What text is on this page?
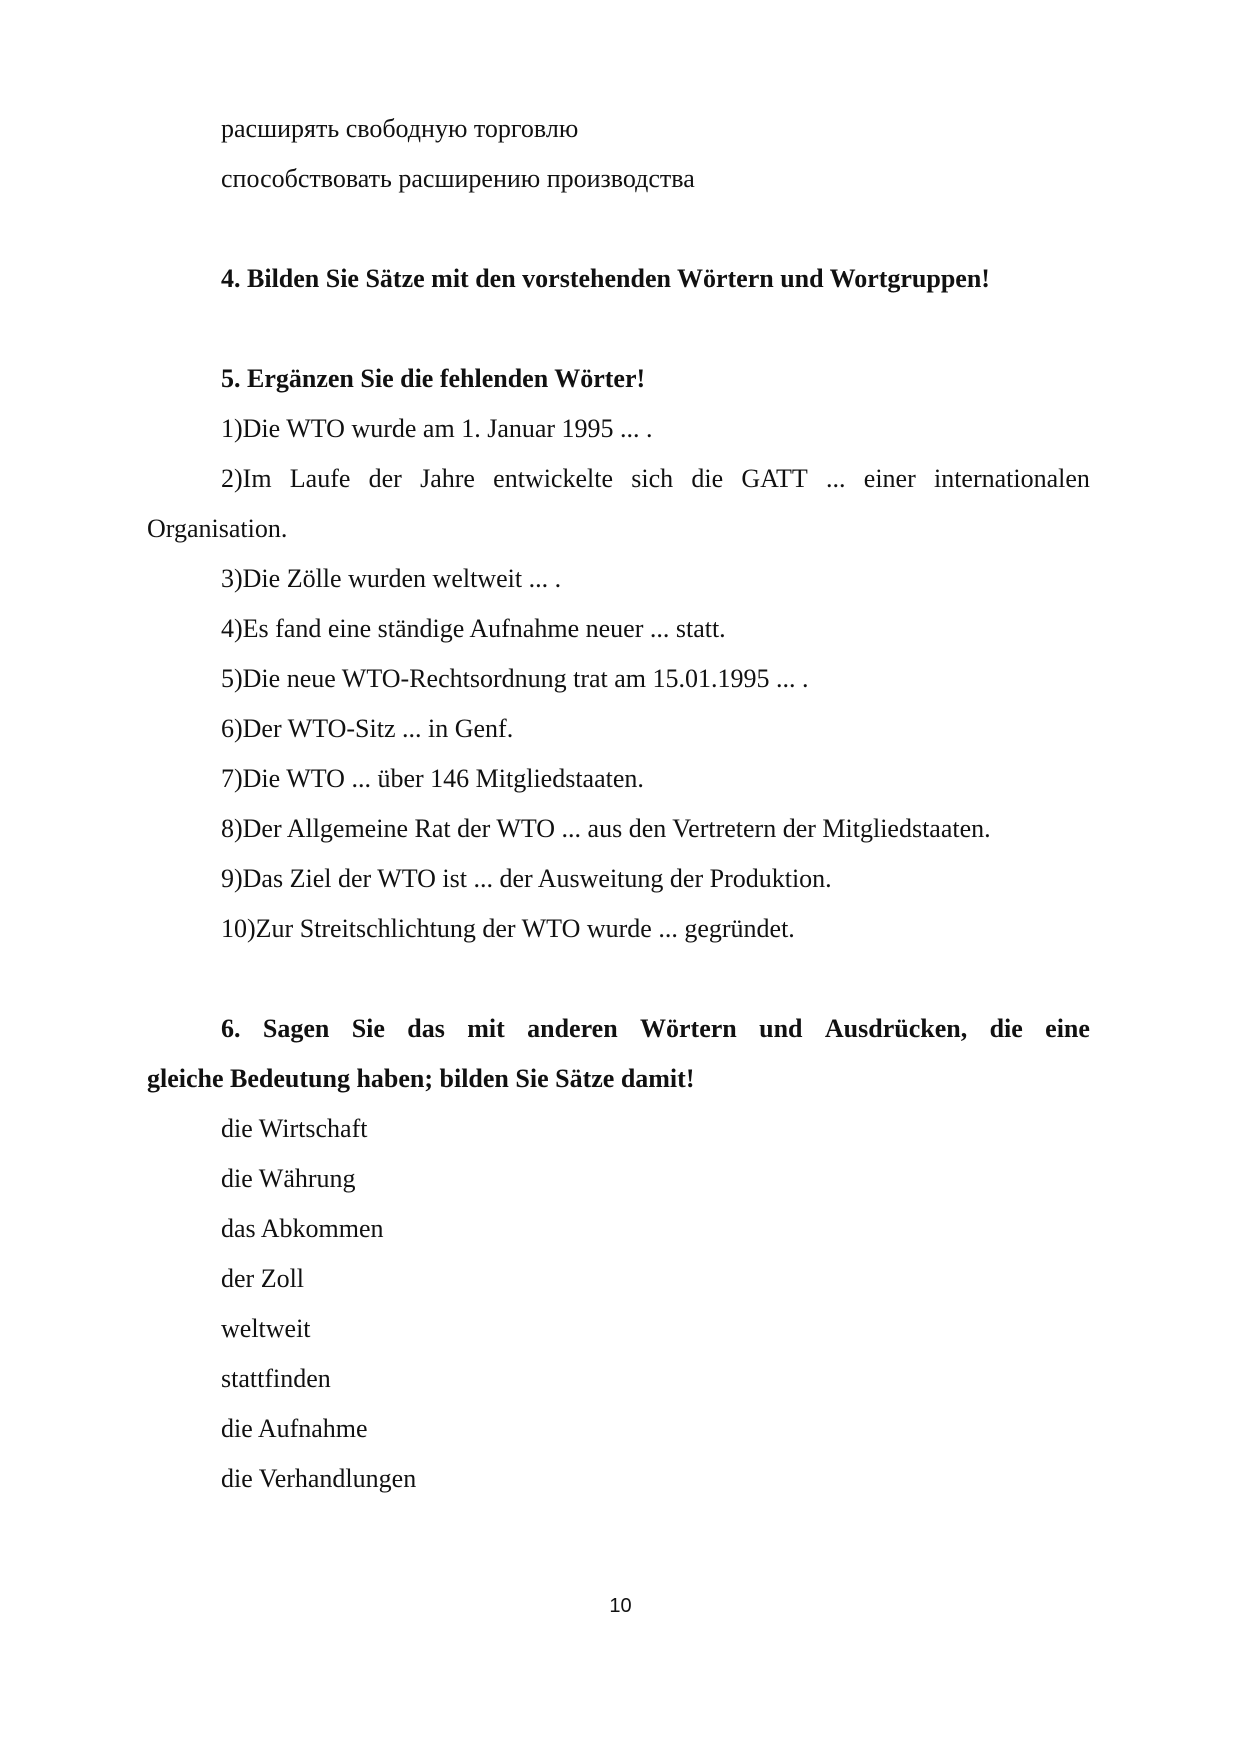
расширять свободную торговлю
способствовать расширению производства
4. Bilden Sie Sätze mit den vorstehenden Wörtern und Wortgruppen!
5. Ergänzen Sie die fehlenden Wörter!
1)Die WTO wurde am 1. Januar 1995 ... .
2)Im Laufe der Jahre entwickelte sich die GATT ... einer internationalen
Organisation.
3)Die Zölle wurden weltweit ... .
4)Es fand eine ständige Aufnahme neuer ... statt.
5)Die neue WTO-Rechtsordnung trat am 15.01.1995 ... .
6)Der WTO-Sitz ... in Genf.
7)Die WTO ... über 146 Mitgliedstaaten.
8)Der Allgemeine Rat der WTO ... aus den Vertretern der Mitgliedstaaten.
9)Das Ziel der WTO ist ... der Ausweitung der Produktion.
10)Zur Streitschlichtung der WTO wurde ... gegründet.
6. Sagen Sie das mit anderen Wörtern und Ausdrücken, die eine
gleiche Bedeutung haben; bilden Sie Sätze damit!
die Wirtschaft
die Währung
das Abkommen
der Zoll
weltweit
stattfinden
die Aufnahme
die Verhandlungen
10
